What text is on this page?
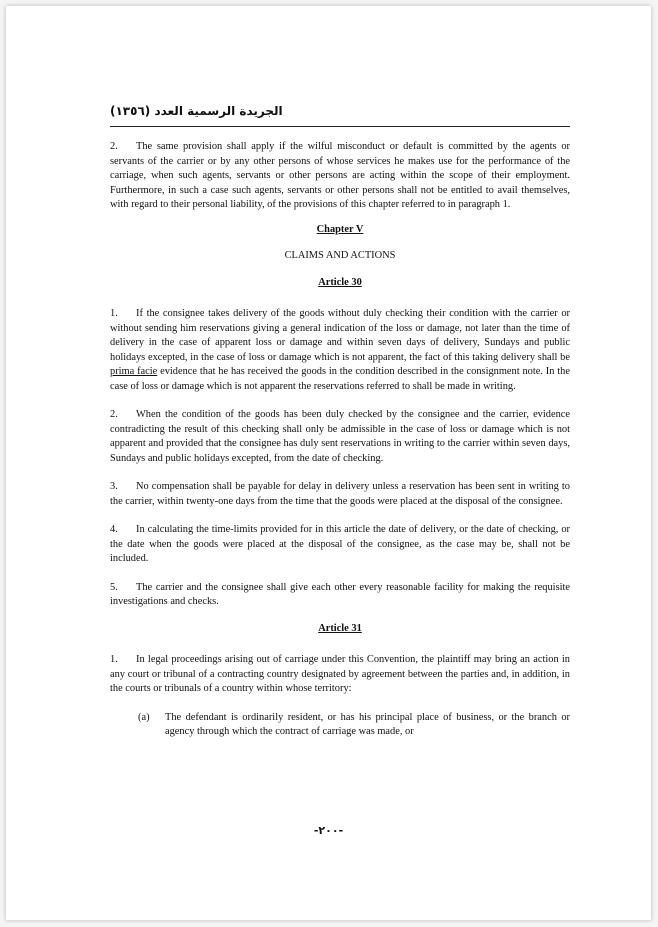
الجريدة الرسمية العدد (١٣٥٦)

2. The same provision shall apply if the wilful misconduct or default is committed by the agents or servants of the carrier or by any other persons of whose services he makes use for the performance of the carriage, when such agents, servants or other persons are acting within the scope of their employment. Furthermore, in such a case such agents, servants or other persons shall not be entitled to avail themselves, with regard to their personal liability, of the provisions of this chapter referred to in paragraph 1.

Chapter V

CLAIMS AND ACTIONS

Article 30

1. If the consignee takes delivery of the goods without duly checking their condition with the carrier or without sending him reservations giving a general indication of the loss or damage, not later than the time of delivery in the case of apparent loss or damage and within seven days of delivery, Sundays and public holidays excepted, in the case of loss or damage which is not apparent, the fact of this taking delivery shall be prima facie evidence that he has received the goods in the condition described in the consignment note. In the case of loss or damage which is not apparent the reservations referred to shall be made in writing.

2. When the condition of the goods has been duly checked by the consignee and the carrier, evidence contradicting the result of this checking shall only be admissible in the case of loss or damage which is not apparent and provided that the consignee has duly sent reservations in writing to the carrier within seven days, Sundays and public holidays excepted, from the date of checking.

3. No compensation shall be payable for delay in delivery unless a reservation has been sent in writing to the carrier, within twenty-one days from the time that the goods were placed at the disposal of the consignee.

4. In calculating the time-limits provided for in this article the date of delivery, or the date of checking, or the date when the goods were placed at the disposal of the consignee, as the case may be, shall not be included.

5. The carrier and the consignee shall give each other every reasonable facility for making the requisite investigations and checks.

Article 31

1. In legal proceedings arising out of carriage under this Convention, the plaintiff may bring an action in any court or tribunal of a contracting country designated by agreement between the parties and, in addition, in the courts or tribunals of a country within whose territory:

(a) The defendant is ordinarily resident, or has his principal place of business, or the branch or agency through which the contract of carriage was made, or

-٢٠٠-
